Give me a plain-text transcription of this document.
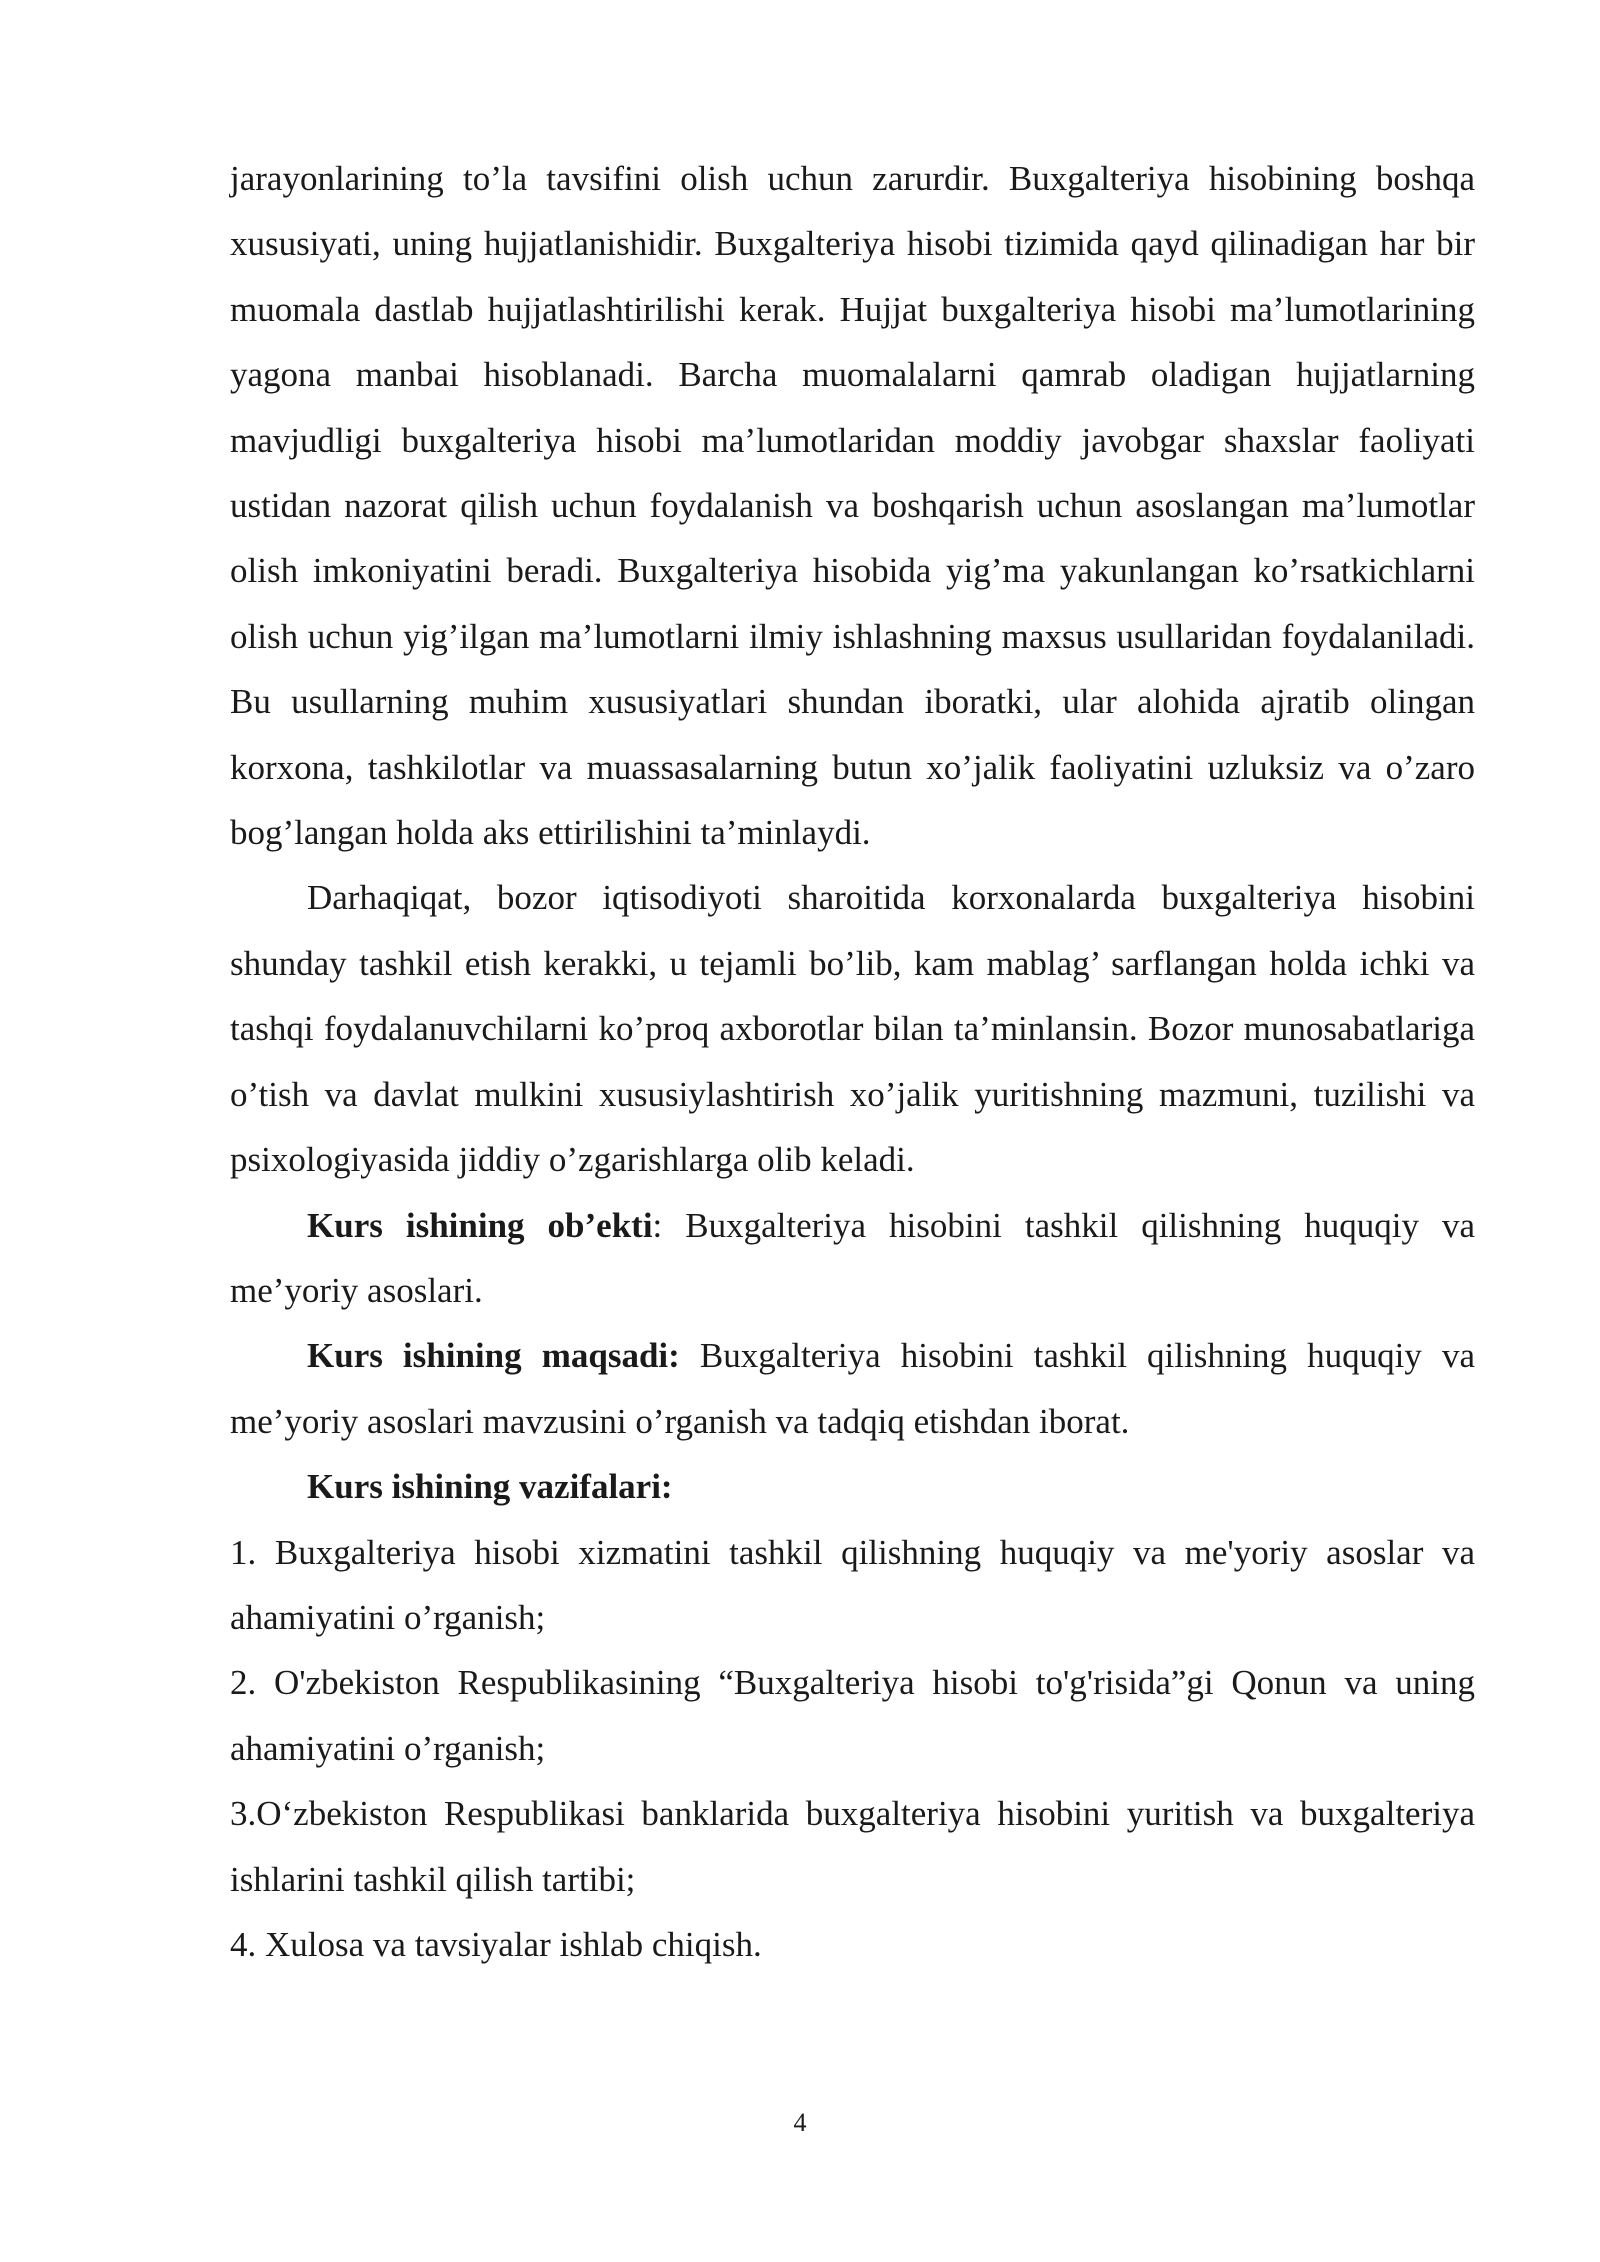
jarayonlarining to’la tavsifini olish uchun zarurdir. Buxgalteriya hisobining boshqa xususiyati, uning hujjatlanishidir. Buxgalteriya hisobi tizimida qayd qilinadigan har bir muomala dastlab hujjatlashtirilishi kerak. Hujjat buxgalteriya hisobi ma’lumotlarining yagona manbai hisoblanadi. Barcha muomalalarni qamrab oladigan hujjatlarning mavjudligi buxgalteriya hisobi ma’lumotlaridan moddiy javobgar shaxslar faoliyati ustidan nazorat qilish uchun foydalanish va boshqarish uchun asoslangan ma’lumotlar olish imkoniyatini beradi. Buxgalteriya hisobida yig’ma yakunlangan ko’rsatkichlarni olish uchun yig’ilgan ma’lumotlarni ilmiy ishlashning maxsus usullaridan foydalaniladi. Bu usullarning muhim xususiyatlari shundan iboratki, ular alohida ajratib olingan korxona, tashkilotlar va muassasalarning butun xo’jalik faoliyatini uzluksiz va o’zaro bog’langan holda aks ettirilishini ta’minlaydi.

Darhaqiqat, bozor iqtisodiyoti sharoitida korxonalarda buxgalteriya hisobini shunday tashkil etish kerakki, u tejamli bo’lib, kam mablag’ sarflangan holda ichki va tashqi foydalanuvchilarni ko’proq axborotlar bilan ta’minlansin. Bozor munosabatlariga o’tish va davlat mulkini xususiylashtirish xo’jalik yuritishning mazmuni, tuzilishi va psixologiyasida jiddiy o’zgarishlarga olib keladi.

Kurs ishining ob’ekti: Buxgalteriya hisobini tashkil qilishning huquqiy va me’yoriy asoslari.

Kurs ishining maqsadi: Buxgalteriya hisobini tashkil qilishning huquqiy va me’yoriy asoslari mavzusini o’rganish va tadqiq etishdan iborat.

Kurs ishining vazifalari:

1. Buxgalteriya hisobi xizmatini tashkil qilishning huquqiy va me'yoriy asoslar va ahamiyatini o’rganish;

2. O'zbekiston Respublikasining “Buxgalteriya hisobi to'g'risida”gi Qonun va uning ahamiyatini o’rganish;

3.O‘zbekiston Respublikasi banklarida buxgalteriya hisobini yuritish va buxgalteriya ishlarini tashkil qilish tartibi;

4. Xulosa va tavsiyalar ishlab chiqish.

4
